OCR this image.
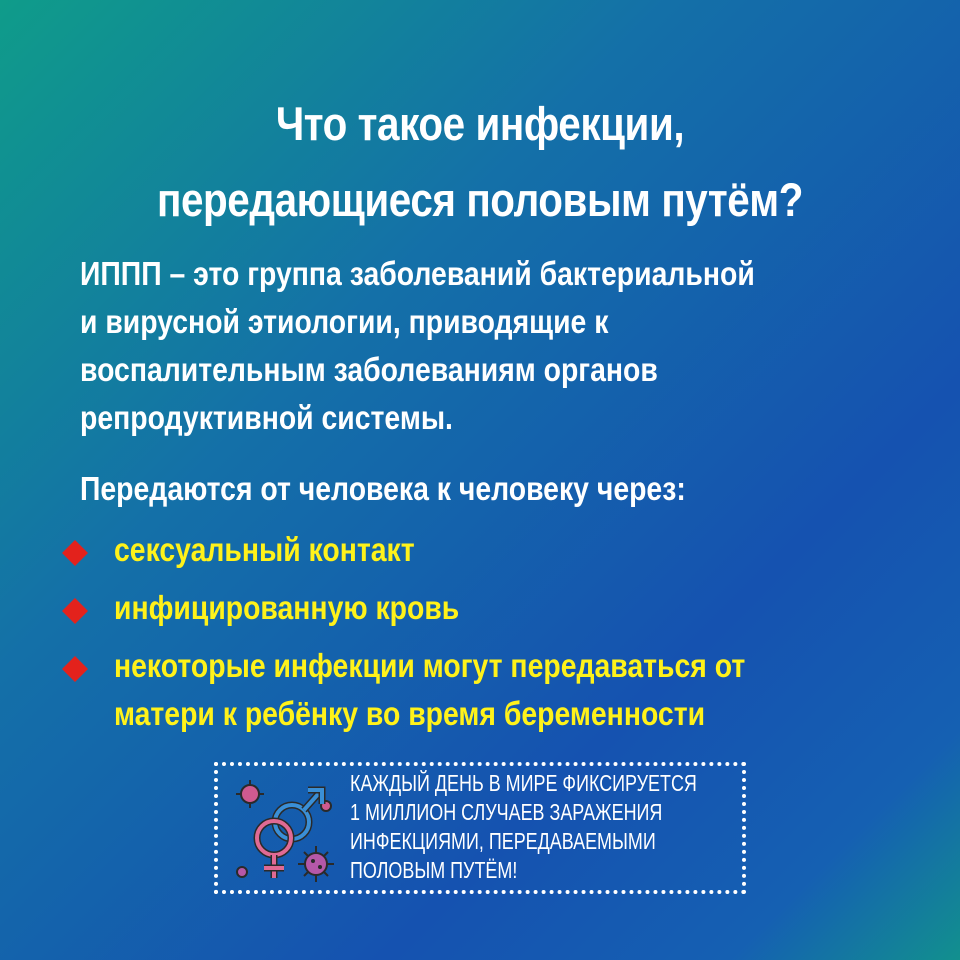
Что такое инфекции,
передающиеся половым путём?
ИППП – это группа заболеваний бактериальной
и вирусной этиологии, приводящие к
воспалительным заболеваниям органов
репродуктивной системы.
Передаются от человека к человеку через:
сексуальный контакт
инфицированную кровь
некоторые инфекции могут передаваться от
матери к ребёнку во время беременности
КАЖДЫЙ ДЕНЬ В МИРЕ ФИКСИРУЕТСЯ
1 МИЛЛИОН СЛУЧАЕВ ЗАРАЖЕНИЯ
ИНФЕКЦИЯМИ, ПЕРЕДАВАЕМЫМИ
ПОЛОВЫМ ПУТЁМ!
